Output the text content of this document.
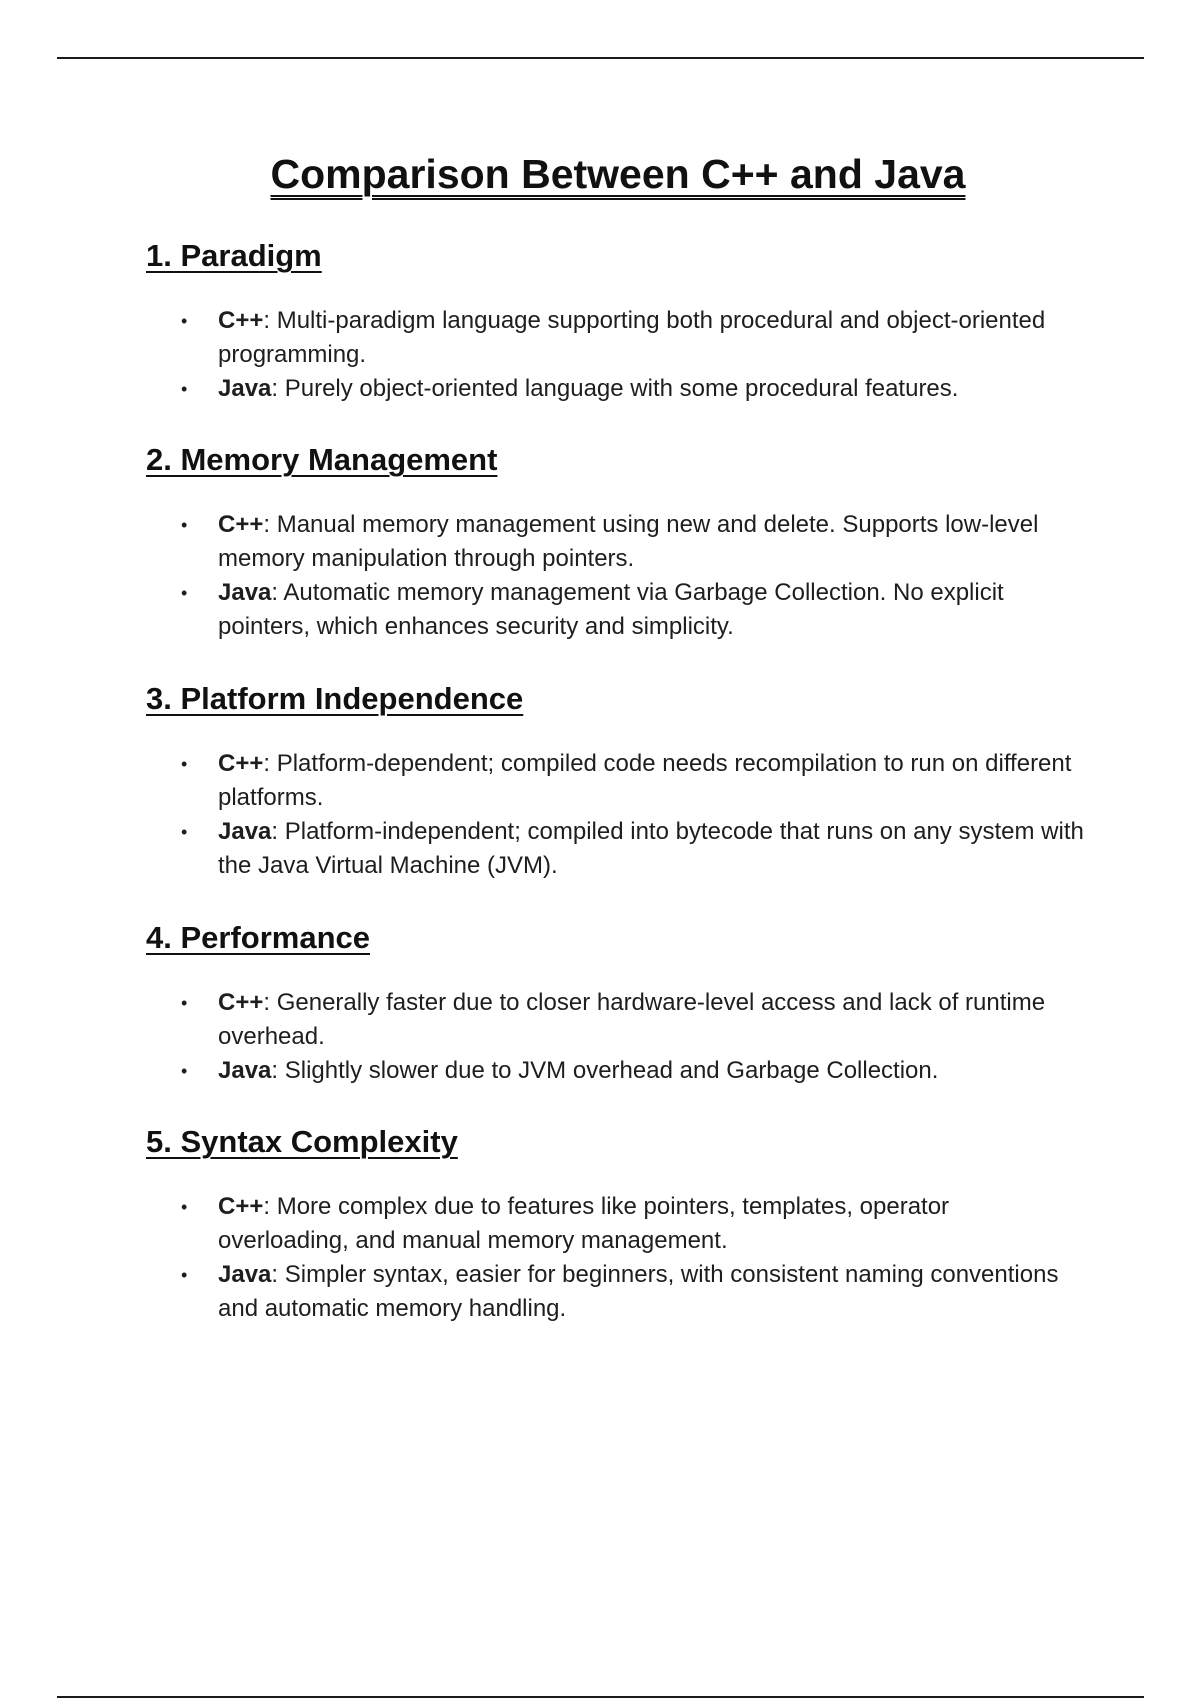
Comparison Between C++ and Java
1. Paradigm
• C++: Multi-paradigm language supporting both procedural and object-oriented programming.
• Java: Purely object-oriented language with some procedural features.
2. Memory Management
• C++: Manual memory management using new and delete. Supports low-level memory manipulation through pointers.
• Java: Automatic memory management via Garbage Collection. No explicit pointers, which enhances security and simplicity.
3. Platform Independence
• C++: Platform-dependent; compiled code needs recompilation to run on different platforms.
• Java: Platform-independent; compiled into bytecode that runs on any system with the Java Virtual Machine (JVM).
4. Performance
• C++: Generally faster due to closer hardware-level access and lack of runtime overhead.
• Java: Slightly slower due to JVM overhead and Garbage Collection.
5. Syntax Complexity
• C++: More complex due to features like pointers, templates, operator overloading, and manual memory management.
• Java: Simpler syntax, easier for beginners, with consistent naming conventions and automatic memory handling.
